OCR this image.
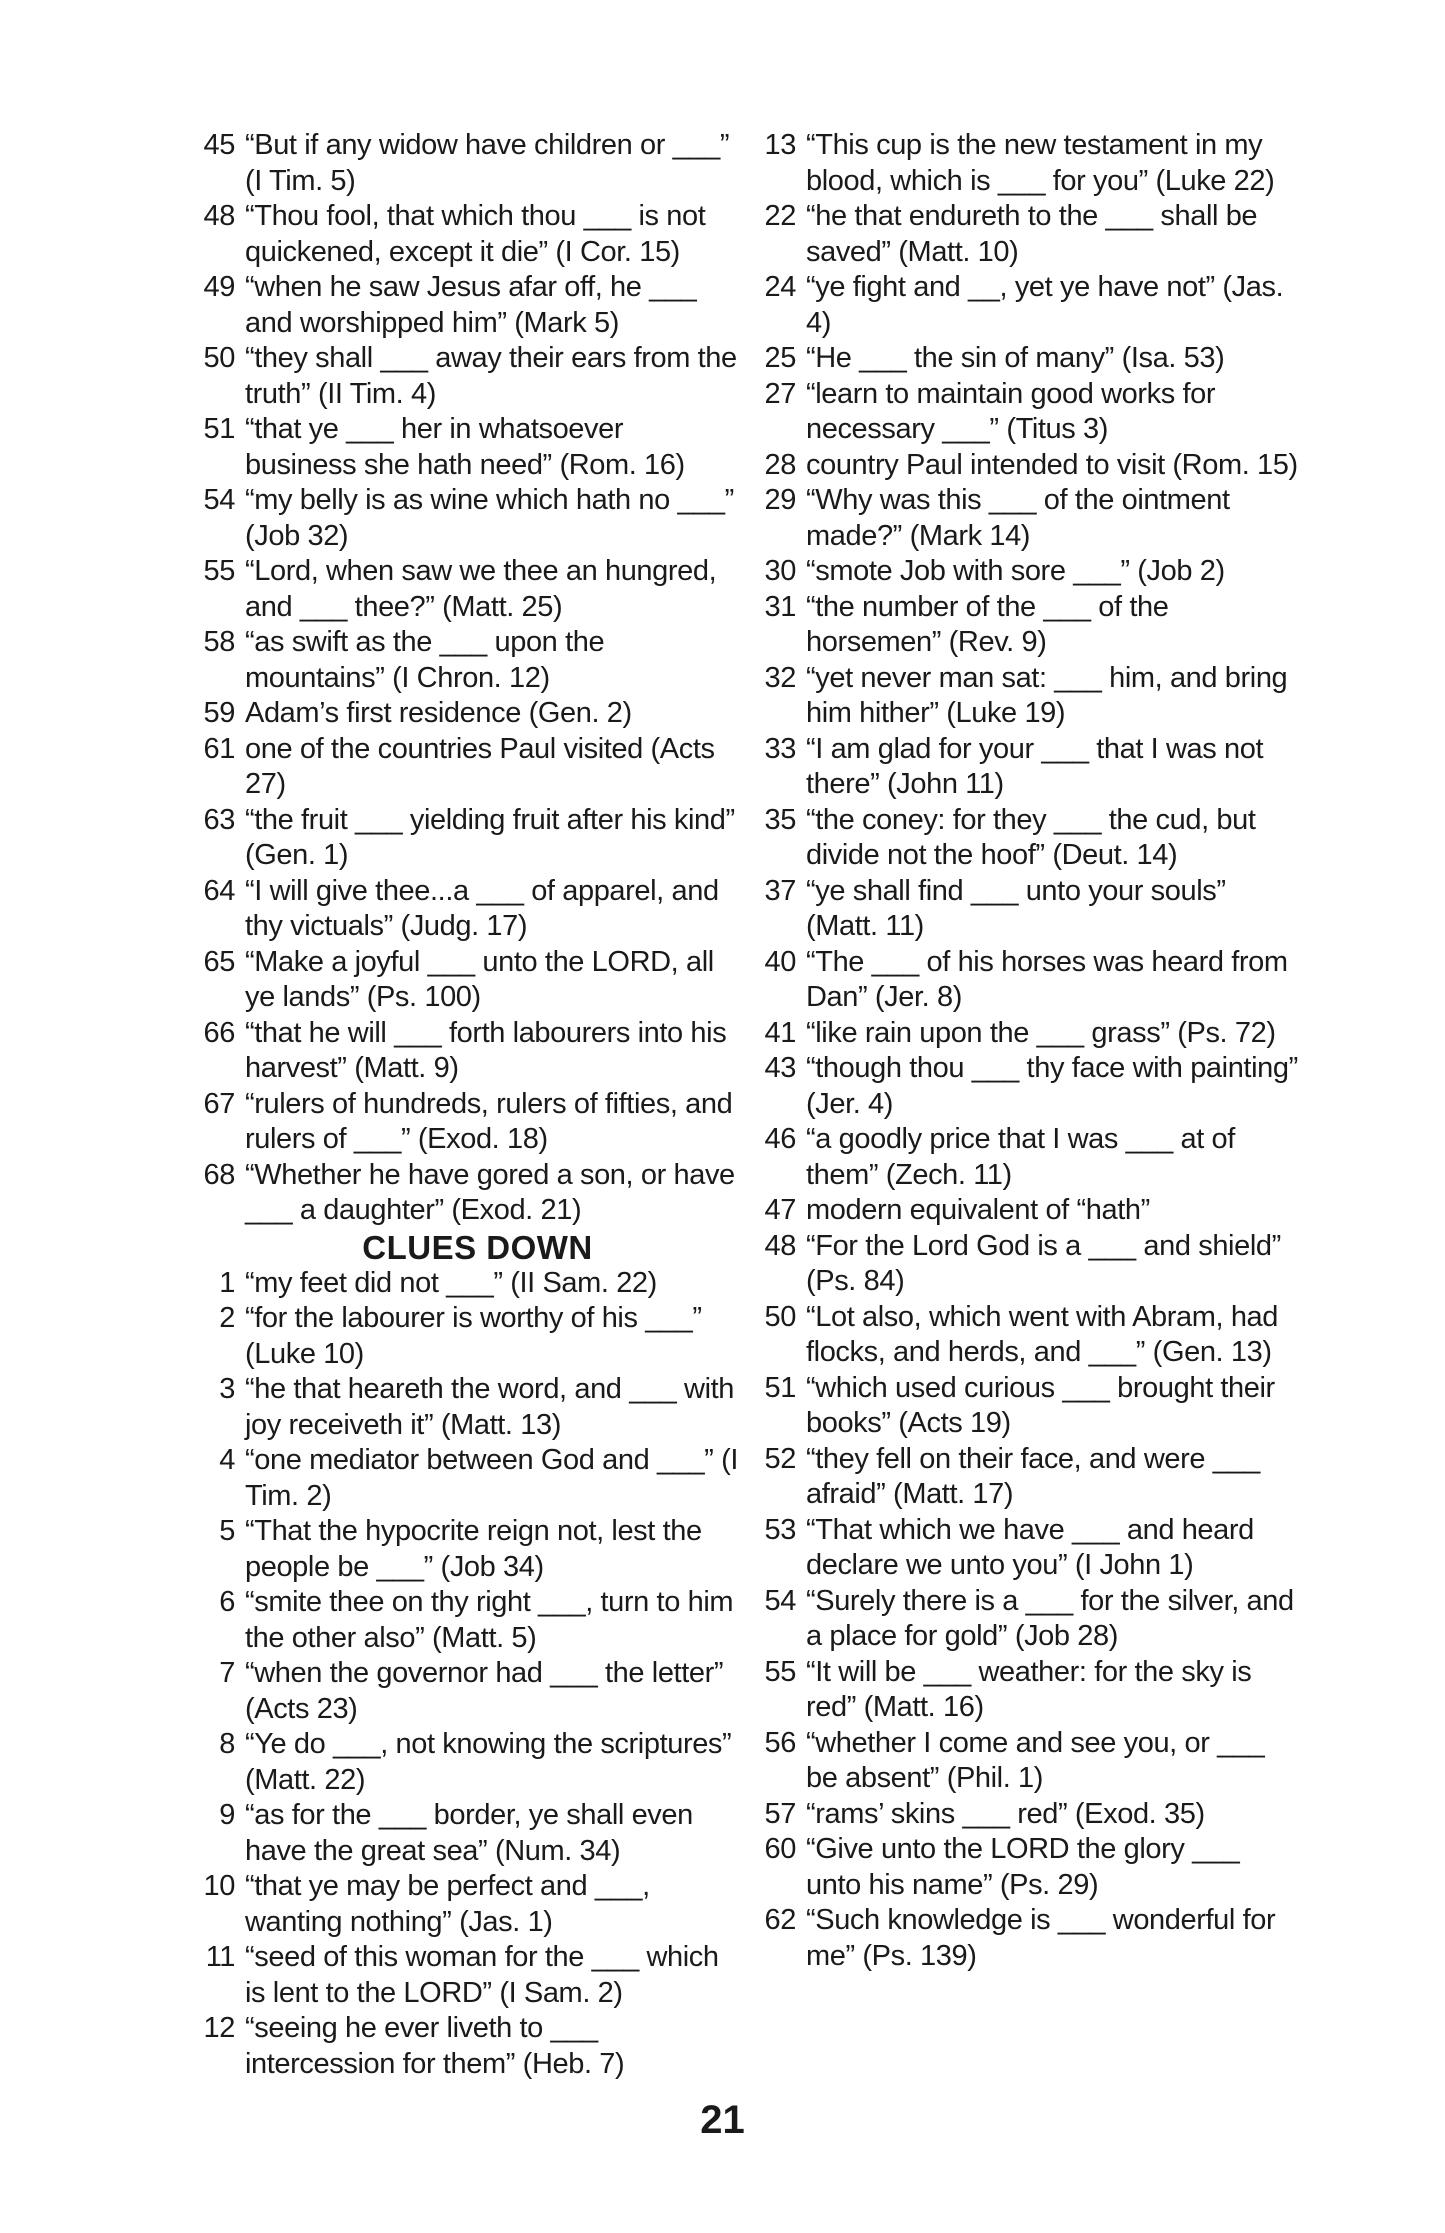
45 “But if any widow have children or ___” (I Tim. 5)
48 “Thou fool, that which thou ___ is not quickened, except it die” (I Cor. 15)
49 “when he saw Jesus afar off, he ___ and worshipped him” (Mark 5)
50 “they shall ___ away their ears from the truth” (II Tim. 4)
51 “that ye ___ her in whatsoever business she hath need” (Rom. 16)
54 “my belly is as wine which hath no ___” (Job 32)
55 “Lord, when saw we thee an hungred, and ___ thee?” (Matt. 25)
58 “as swift as the ___ upon the mountains” (I Chron. 12)
59 Adam’s first residence (Gen. 2)
61 one of the countries Paul visited (Acts 27)
63 “the fruit ___ yielding fruit after his kind” (Gen. 1)
64 “I will give thee...a ___ of apparel, and thy victuals” (Judg. 17)
65 “Make a joyful ___ unto the LORD, all ye lands” (Ps. 100)
66 “that he will ___ forth labourers into his harvest” (Matt. 9)
67 “rulers of hundreds, rulers of fifties, and rulers of ___” (Exod. 18)
68 “Whether he have gored a son, or have ___ a daughter” (Exod. 21)
CLUES DOWN
1 “my feet did not ___” (II Sam. 22)
2 “for the labourer is worthy of his ___” (Luke 10)
3 “he that heareth the word, and ___ with joy receiveth it” (Matt. 13)
4 “one mediator between God and ___” (I Tim. 2)
5 “That the hypocrite reign not, lest the people be ___” (Job 34)
6 “smite thee on thy right ___, turn to him the other also” (Matt. 5)
7 “when the governor had ___ the letter” (Acts 23)
8 “Ye do ___, not knowing the scriptures” (Matt. 22)
9 “as for the ___ border, ye shall even have the great sea” (Num. 34)
10 “that ye may be perfect and ___, wanting nothing” (Jas. 1)
11 “seed of this woman for the ___ which is lent to the LORD” (I Sam. 2)
12 “seeing he ever liveth to ___ intercession for them” (Heb. 7)
13 “This cup is the new testament in my blood, which is ___ for you” (Luke 22)
22 “he that endureth to the ___ shall be saved” (Matt. 10)
24 “ye fight and __, yet ye have not” (Jas. 4)
25 “He ___ the sin of many” (Isa. 53)
27 “learn to maintain good works for necessary ___” (Titus 3)
28 country Paul intended to visit (Rom. 15)
29 “Why was this ___ of the ointment made?” (Mark 14)
30 “smote Job with sore ___” (Job 2)
31 “the number of the ___ of the horsemen” (Rev. 9)
32 “yet never man sat: ___ him, and bring him hither” (Luke 19)
33 “I am glad for your ___ that I was not there” (John 11)
35 “the coney: for they ___ the cud, but divide not the hoof” (Deut. 14)
37 “ye shall find ___ unto your souls” (Matt. 11)
40 “The ___ of his horses was heard from Dan” (Jer. 8)
41 “like rain upon the ___ grass” (Ps. 72)
43 “though thou ___ thy face with painting” (Jer. 4)
46 “a goodly price that I was ___ at of them” (Zech. 11)
47 modern equivalent of “hath”
48 “For the Lord God is a ___ and shield” (Ps. 84)
50 “Lot also, which went with Abram, had flocks, and herds, and ___” (Gen. 13)
51 “which used curious ___ brought their books” (Acts 19)
52 “they fell on their face, and were ___ afraid” (Matt. 17)
53 “That which we have ___ and heard declare we unto you” (I John 1)
54 “Surely there is a ___ for the silver, and a place for gold” (Job 28)
55 “It will be ___ weather: for the sky is red” (Matt. 16)
56 “whether I come and see you, or ___ be absent” (Phil. 1)
57 “rams’ skins ___ red” (Exod. 35)
60 “Give unto the LORD the glory ___ unto his name” (Ps. 29)
62 “Such knowledge is ___ wonderful for me” (Ps. 139)
21
